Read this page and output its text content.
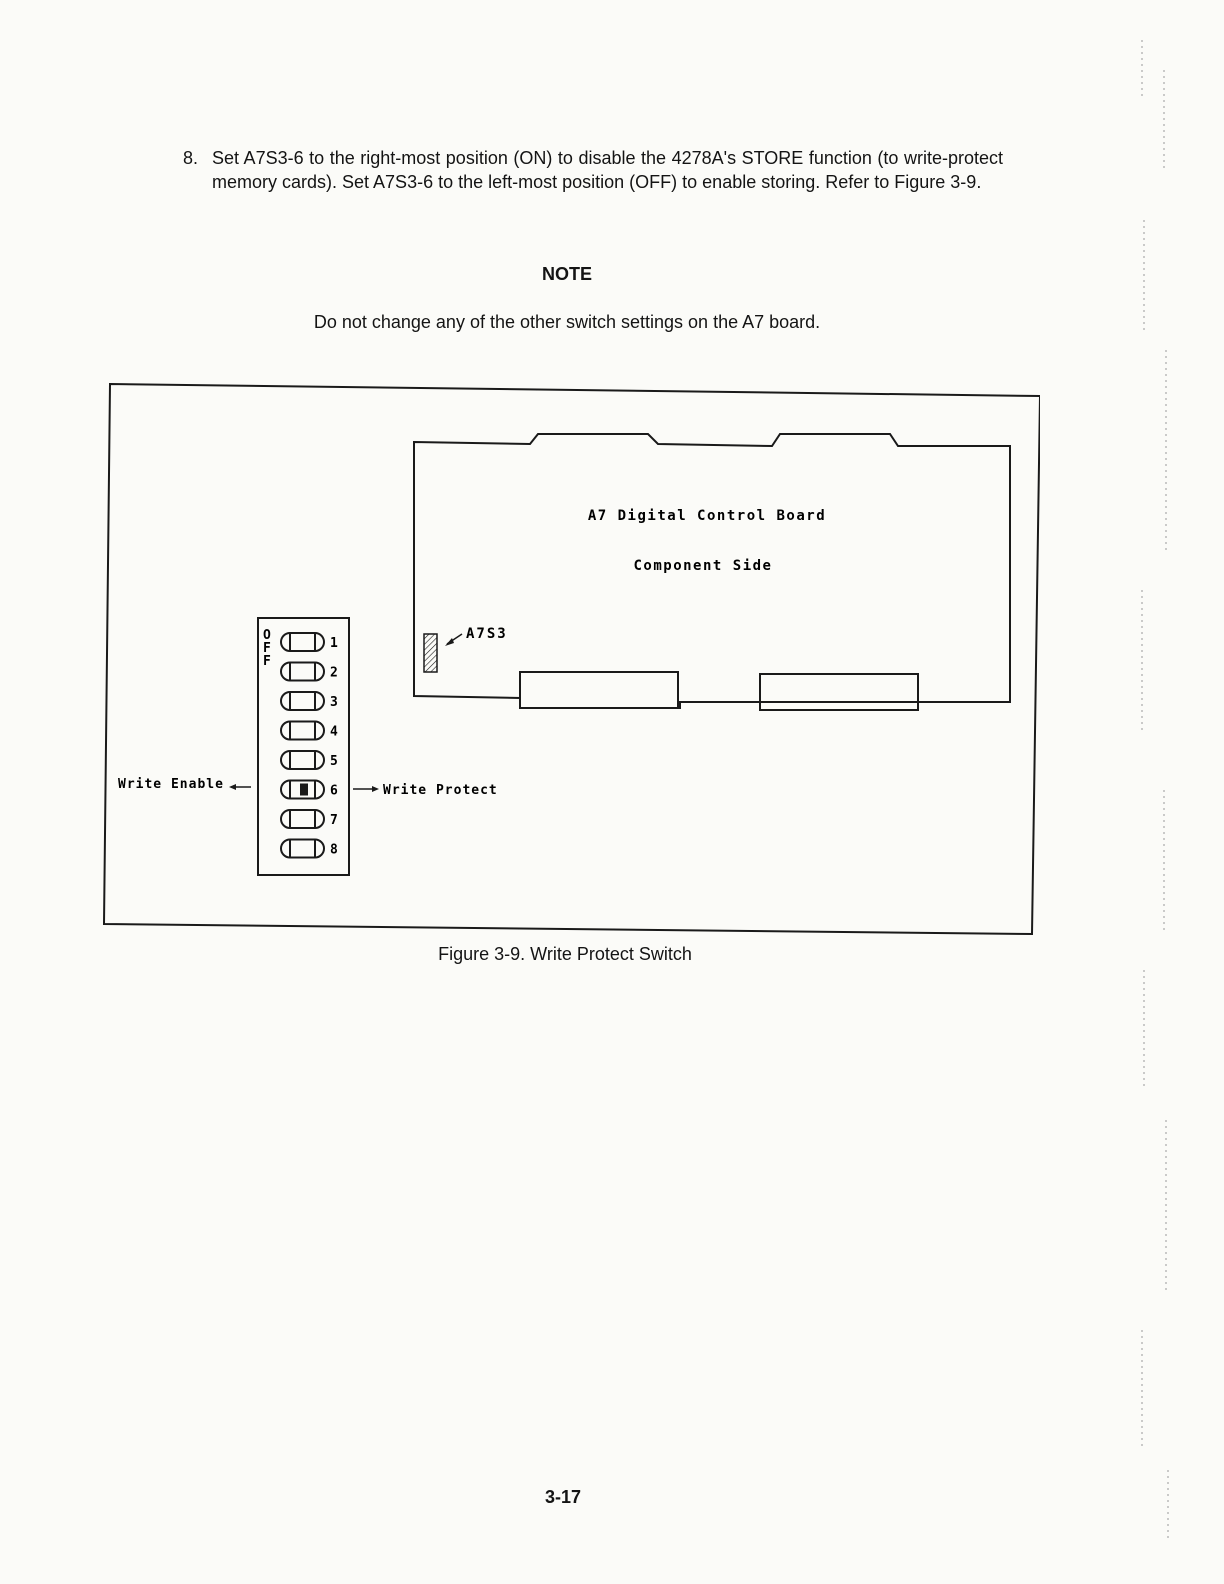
8. Set A7S3-6 to the right-most position (ON) to disable the 4278A's STORE function (to write-protect memory cards). Set A7S3-6 to the left-most position (OFF) to enable storing. Refer to Figure 3-9.
NOTE
Do not change any of the other switch settings on the A7 board.
A7 Digital Control Board
Component Side
A7S3
O
F
F
1
2
3
4
5
6
7
8
Write Enable	Write Protect
Figure 3-9. Write Protect Switch
3-17
